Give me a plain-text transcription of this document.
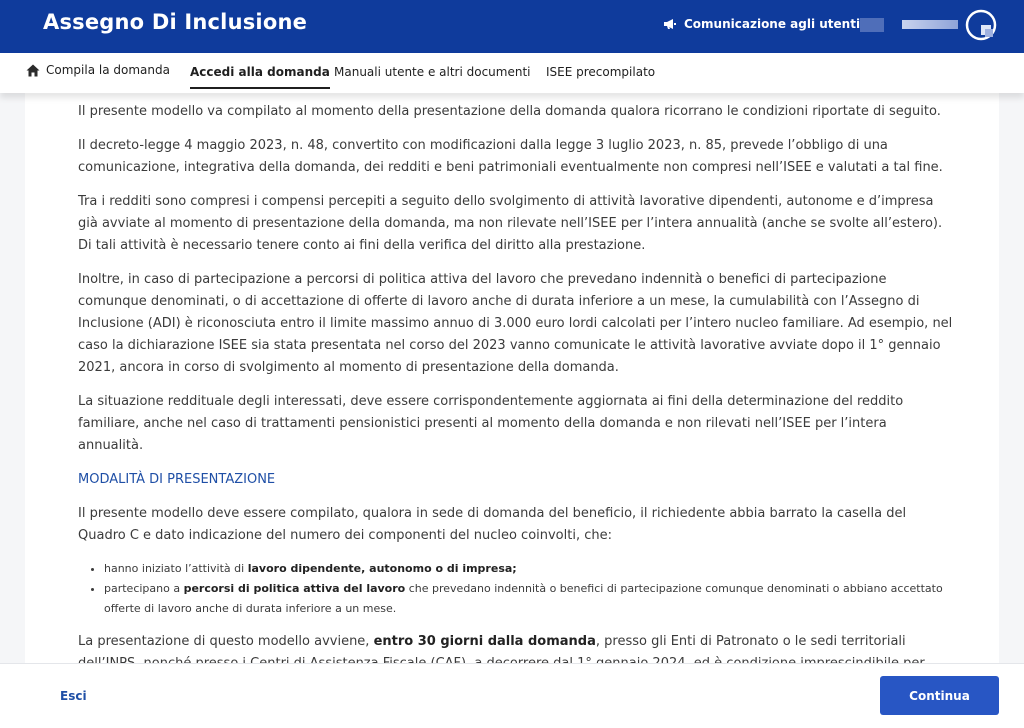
Assegno Di Inclusione	Comunicazione agli utenti
Compila la domanda Accedi alla domanda Manuali utente e altri documenti ISEE precompilato

Il presente modello va compilato al momento della presentazione della domanda qualora ricorrano le condizioni riportate di seguito.

Il decreto-legge 4 maggio 2023, n. 48, convertito con modificazioni dalla legge 3 luglio 2023, n. 85, prevede l’obbligo di una comunicazione, integrativa della domanda, dei redditi e beni patrimoniali eventualmente non compresi nell’ISEE e valutati a tal fine.

Tra i redditi sono compresi i compensi percepiti a seguito dello svolgimento di attività lavorative dipendenti, autonome e d’impresa già avviate al momento di presentazione della domanda, ma non rilevate nell’ISEE per l’intera annualità (anche se svolte all’estero). Di tali attività è necessario tenere conto ai fini della verifica del diritto alla prestazione.

Inoltre, in caso di partecipazione a percorsi di politica attiva del lavoro che prevedano indennità o benefici di partecipazione comunque denominati, o di accettazione di offerte di lavoro anche di durata inferiore a un mese, la cumulabilità con l’Assegno di Inclusione (ADI) è riconosciuta entro il limite massimo annuo di 3.000 euro lordi calcolati per l’intero nucleo familiare. Ad esempio, nel caso la dichiarazione ISEE sia stata presentata nel corso del 2023 vanno comunicate le attività lavorative avviate dopo il 1° gennaio 2021, ancora in corso di svolgimento al momento di presentazione della domanda.

La situazione reddituale degli interessati, deve essere corrispondentemente aggiornata ai fini della determinazione del reddito familiare, anche nel caso di trattamenti pensionistici presenti al momento della domanda e non rilevati nell’ISEE per l’intera annualità.

MODALITÀ DI PRESENTAZIONE

Il presente modello deve essere compilato, qualora in sede di domanda del beneficio, il richiedente abbia barrato la casella del Quadro C e dato indicazione del numero dei componenti del nucleo coinvolti, che:

• hanno iniziato l’attività di lavoro dipendente, autonomo o di impresa;
• partecipano a percorsi di politica attiva del lavoro che prevedano indennità o benefici di partecipazione comunque denominati o abbiano accettato offerte di lavoro anche di durata inferiore a un mese.

La presentazione di questo modello avviene, entro 30 giorni dalla domanda, presso gli Enti di Patronato o le sedi territoriali

Esci	Continua
